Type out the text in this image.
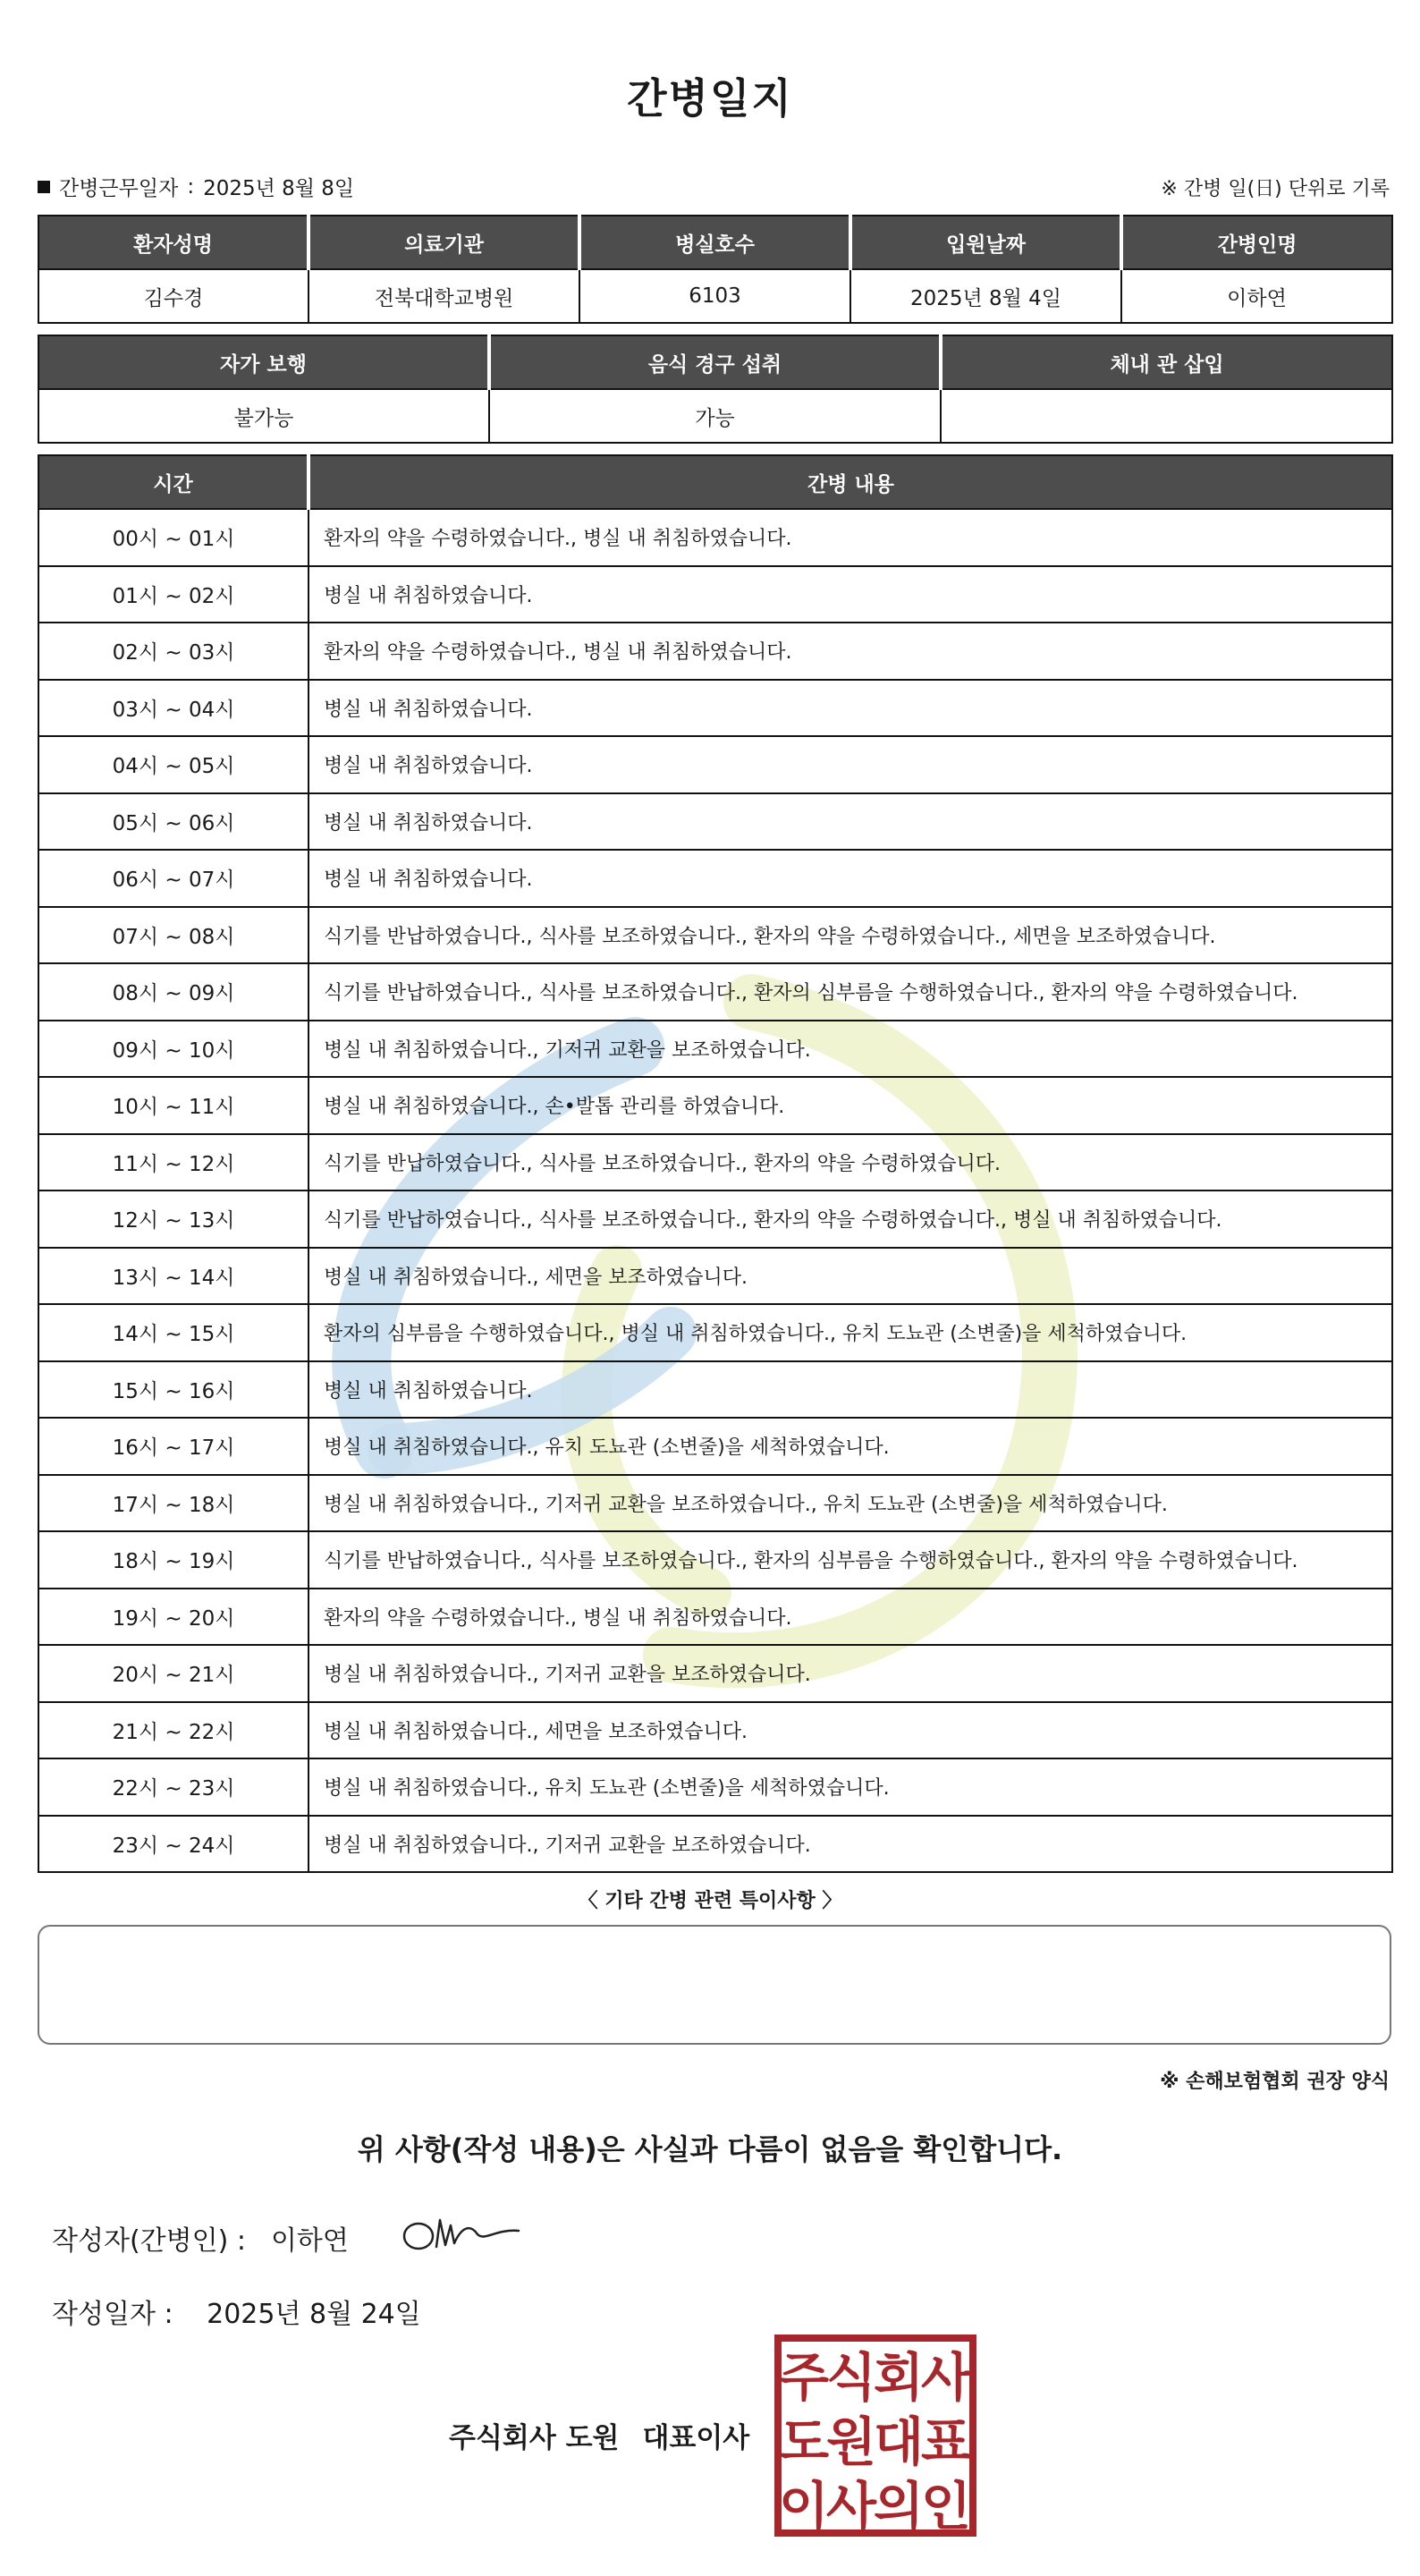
간병일지
간병근무일자 : 2025년 8월 8일	※ 간병 일(日) 단위로 기록
환자성명	의료기관	병실호수	입원날짜	간병인명
김수경	전북대학교병원	6103	2025년 8월 4일	이하연
자가 보행	음식 경구 섭취	체내 관 삽입
불가능	가능	
시간	간병 내용
00시 ~ 01시	환자의 약을 수령하였습니다., 병실 내 취침하였습니다.
01시 ~ 02시	병실 내 취침하였습니다.
02시 ~ 03시	환자의 약을 수령하였습니다., 병실 내 취침하였습니다.
03시 ~ 04시	병실 내 취침하였습니다.
04시 ~ 05시	병실 내 취침하였습니다.
05시 ~ 06시	병실 내 취침하였습니다.
06시 ~ 07시	병실 내 취침하였습니다.
07시 ~ 08시	식기를 반납하였습니다., 식사를 보조하였습니다., 환자의 약을 수령하였습니다., 세면을 보조하였습니다.
08시 ~ 09시	식기를 반납하였습니다., 식사를 보조하였습니다., 환자의 심부름을 수행하였습니다., 환자의 약을 수령하였습니다.
09시 ~ 10시	병실 내 취침하였습니다., 기저귀 교환을 보조하였습니다.
10시 ~ 11시	병실 내 취침하였습니다., 손•발톱 관리를 하였습니다.
11시 ~ 12시	식기를 반납하였습니다., 식사를 보조하였습니다., 환자의 약을 수령하였습니다.
12시 ~ 13시	식기를 반납하였습니다., 식사를 보조하였습니다., 환자의 약을 수령하였습니다., 병실 내 취침하였습니다.
13시 ~ 14시	병실 내 취침하였습니다., 세면을 보조하였습니다.
14시 ~ 15시	환자의 심부름을 수행하였습니다., 병실 내 취침하였습니다., 유치 도뇨관 (소변줄)을 세척하였습니다.
15시 ~ 16시	병실 내 취침하였습니다.
16시 ~ 17시	병실 내 취침하였습니다., 유치 도뇨관 (소변줄)을 세척하였습니다.
17시 ~ 18시	병실 내 취침하였습니다., 기저귀 교환을 보조하였습니다., 유치 도뇨관 (소변줄)을 세척하였습니다.
18시 ~ 19시	식기를 반납하였습니다., 식사를 보조하였습니다., 환자의 심부름을 수행하였습니다., 환자의 약을 수령하였습니다.
19시 ~ 20시	환자의 약을 수령하였습니다., 병실 내 취침하였습니다.
20시 ~ 21시	병실 내 취침하였습니다., 기저귀 교환을 보조하였습니다.
21시 ~ 22시	병실 내 취침하였습니다., 세면을 보조하였습니다.
22시 ~ 23시	병실 내 취침하였습니다., 유치 도뇨관 (소변줄)을 세척하였습니다.
23시 ~ 24시	병실 내 취침하였습니다., 기저귀 교환을 보조하였습니다.
〈 기타 간병 관련 특이사항 〉
※ 손해보험협회 권장 양식
위 사항(작성 내용)은 사실과 다름이 없음을 확인합니다.
작성자(간병인) : 이하연
작성일자 : 2025년 8월 24일
주식회사 도원 대표이사
주
식
회
사
도
원
대
표
이
사
의
인
